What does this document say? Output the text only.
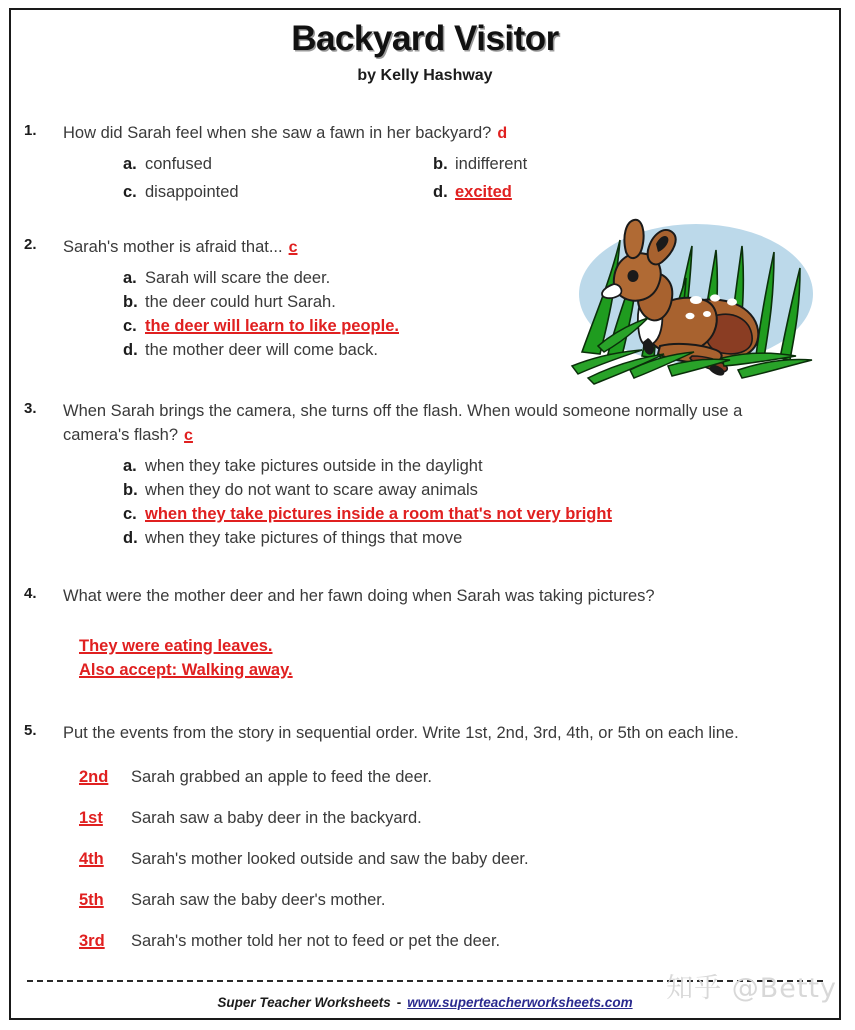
Backyard Visitor
by Kelly Hashway
1.	How did Sarah feel when she saw a fawn in her backyard? d
a. confused	b. indifferent
c. disappointed	d. excited
2.	Sarah's mother is afraid that... c
a. Sarah will scare the deer.
b. the deer could hurt Sarah.
c. the deer will learn to like people.
d. the mother deer will come back.
3.	When Sarah brings the camera, she turns off the flash. When would someone normally use a camera's flash? c
a. when they take pictures outside in the daylight
b. when they do not want to scare away animals
c. when they take pictures inside a room that's not very bright
d. when they take pictures of things that move
4.	What were the mother deer and her fawn doing when Sarah was taking pictures?
They were eating leaves.
Also accept: Walking away.
5.	Put the events from the story in sequential order. Write 1st, 2nd, 3rd, 4th, or 5th on each line.
2nd	Sarah grabbed an apple to feed the deer.
1st	Sarah saw a baby deer in the backyard.
4th	Sarah's mother looked outside and saw the baby deer.
5th	Sarah saw the baby deer's mother.
3rd	Sarah's mother told her not to feed or pet the deer.
Super Teacher Worksheets - www.superteacherworksheets.com	知乎 @Betty
